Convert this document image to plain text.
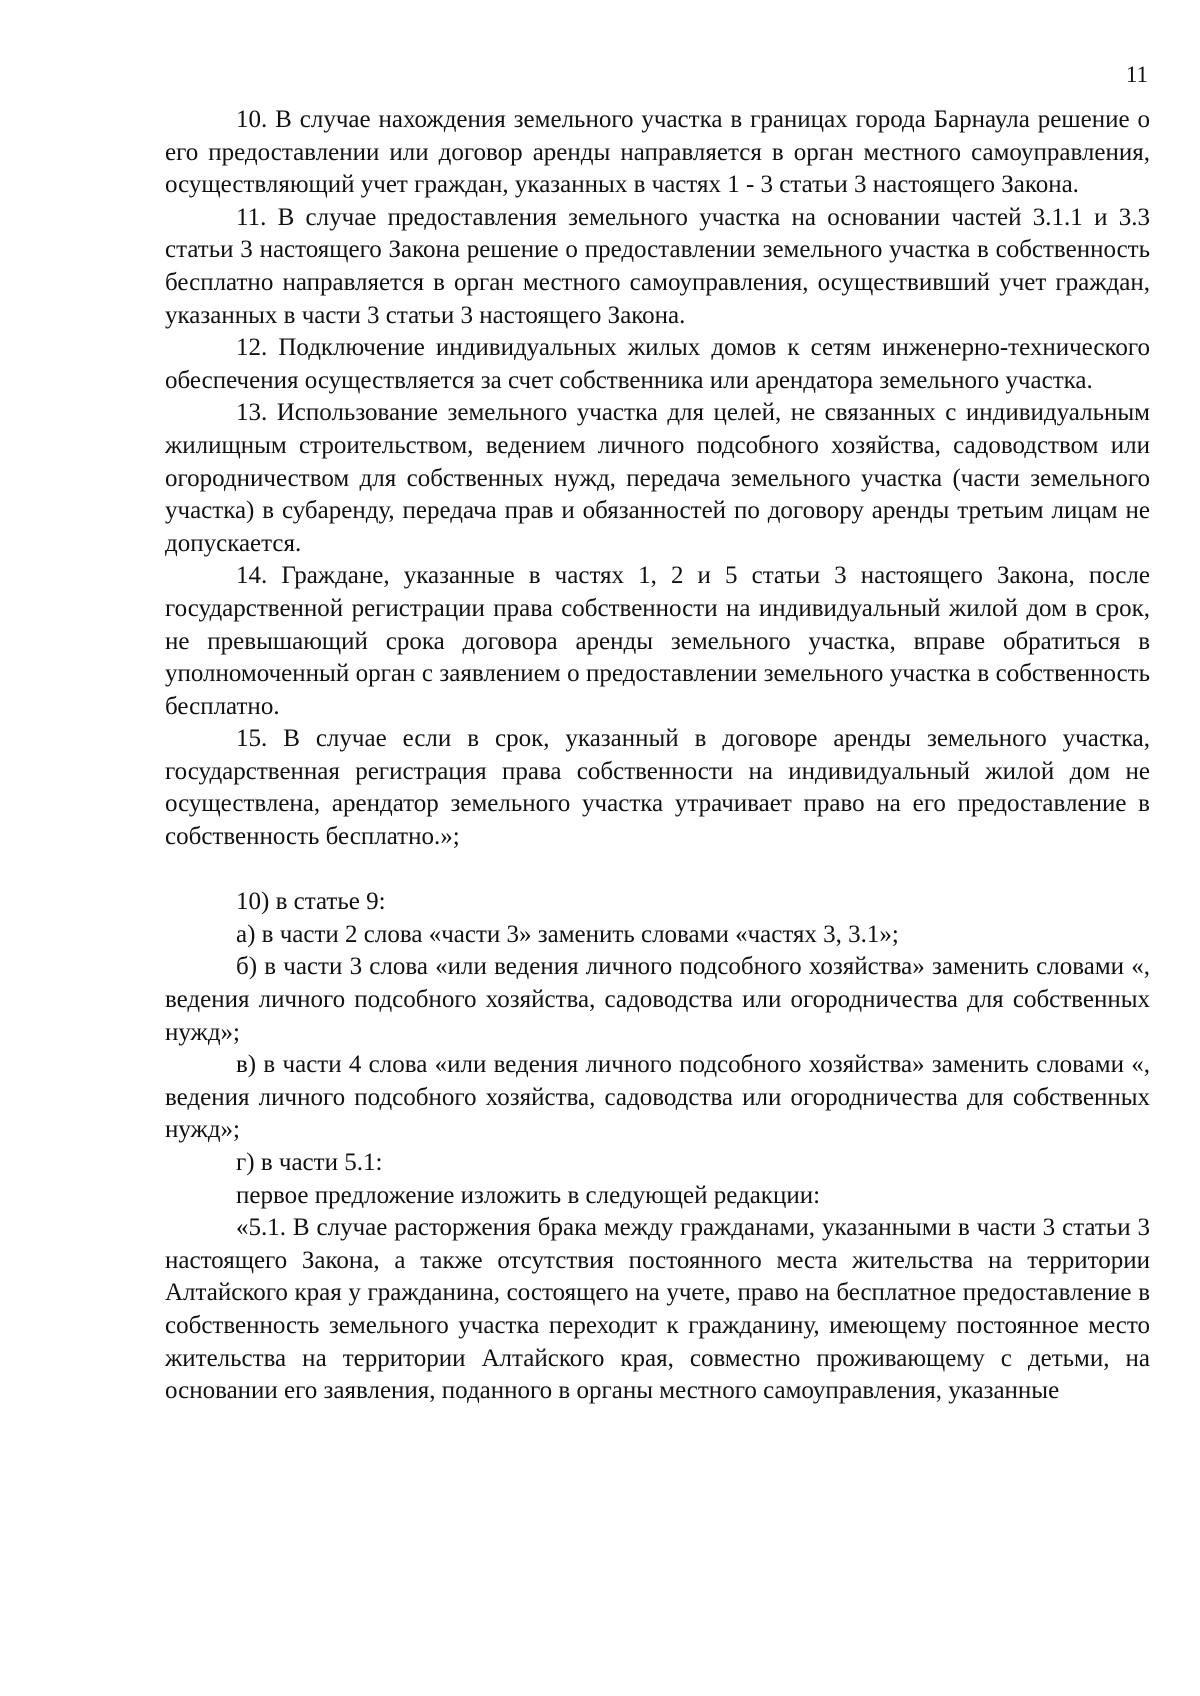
11

10. В случае нахождения земельного участка в границах города Барнаула решение о его предоставлении или договор аренды направляется в орган местного самоуправления, осуществляющий учет граждан, указанных в частях 1 - 3 статьи 3 настоящего Закона.

11. В случае предоставления земельного участка на основании частей 3.1.1 и 3.3 статьи 3 настоящего Закона решение о предоставлении земельного участка в собственность бесплатно направляется в орган местного самоуправления, осуществивший учет граждан, указанных в части 3 статьи 3 настоящего Закона.

12. Подключение индивидуальных жилых домов к сетям инженерно-технического обеспечения осуществляется за счет собственника или арендатора земельного участка.

13. Использование земельного участка для целей, не связанных с индивидуальным жилищным строительством, ведением личного подсобного хозяйства, садоводством или огородничеством для собственных нужд, передача земельного участка (части земельного участка) в субаренду, передача прав и обязанностей по договору аренды третьим лицам не допускается.

14. Граждане, указанные в частях 1, 2 и 5 статьи 3 настоящего Закона, после государственной регистрации права собственности на индивидуальный жилой дом в срок, не превышающий срока договора аренды земельного участка, вправе обратиться в уполномоченный орган с заявлением о предоставлении земельного участка в собственность бесплатно.

15. В случае если в срок, указанный в договоре аренды земельного участка, государственная регистрация права собственности на индивидуальный жилой дом не осуществлена, арендатор земельного участка утрачивает право на его предоставление в собственность бесплатно.»;

10) в статье 9:

а) в части 2 слова «части 3» заменить словами «частях 3, 3.1»;

б) в части 3 слова «или ведения личного подсобного хозяйства» заменить словами «, ведения личного подсобного хозяйства, садоводства или огородничества для собственных нужд»;

в) в части 4 слова «или ведения личного подсобного хозяйства» заменить словами «, ведения личного подсобного хозяйства, садоводства или огородничества для собственных нужд»;

г) в части 5.1:

первое предложение изложить в следующей редакции:

«5.1. В случае расторжения брака между гражданами, указанными в части 3 статьи 3 настоящего Закона, а также отсутствия постоянного места жительства на территории Алтайского края у гражданина, состоящего на учете, право на бесплатное предоставление в собственность земельного участка переходит к гражданину, имеющему постоянное место жительства на территории Алтайского края, совместно проживающему с детьми, на основании его заявления, поданного в органы местного самоуправления, указанные
